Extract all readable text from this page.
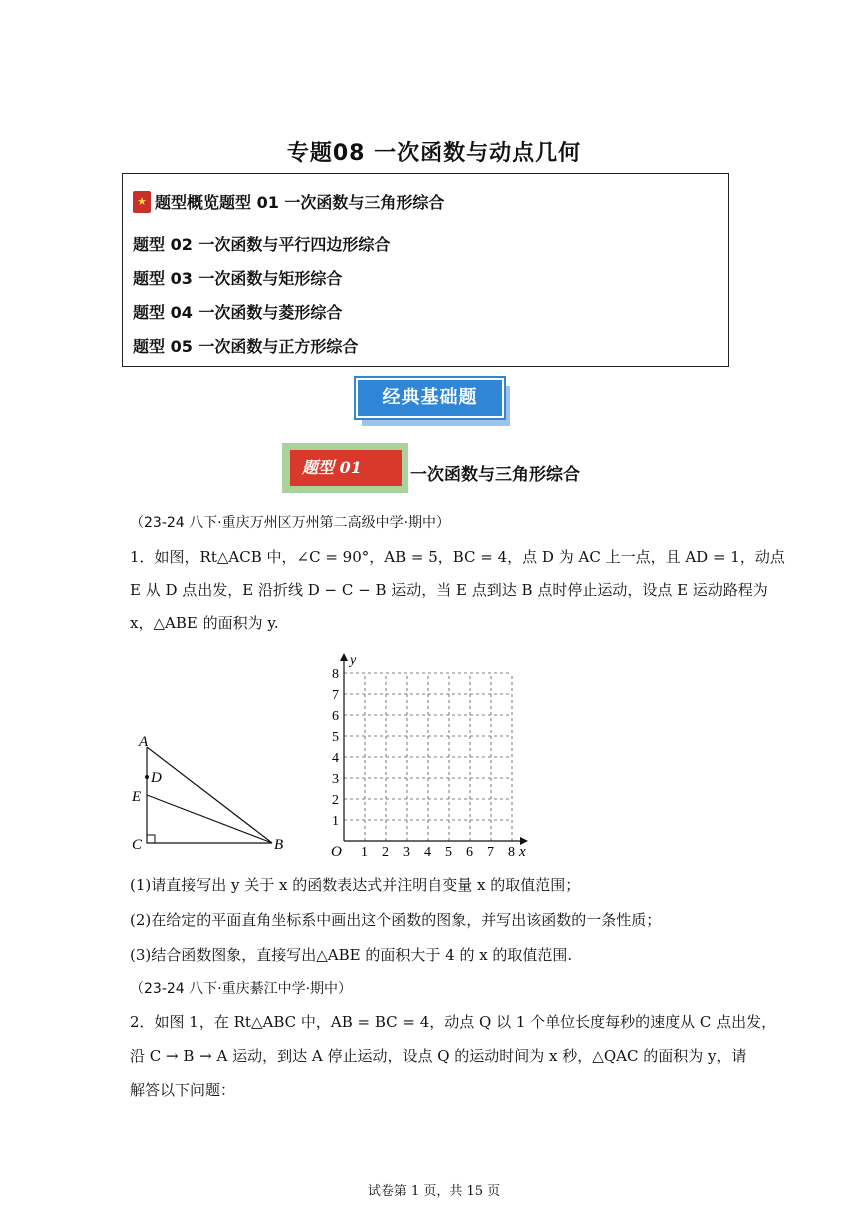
专题08 一次函数与动点几何
★ 题型概览题型 01 一次函数与三角形综合
题型 02 一次函数与平行四边形综合
题型 03 一次函数与矩形综合
题型 04 一次函数与菱形综合
题型 05 一次函数与正方形综合
经典基础题
题型 01	一次函数与三角形综合
（23-24 八下·重庆万州区万州第二高级中学·期中）
1．如图，Rt△ACB 中，∠C = 90°，AB = 5，BC = 4，点 D 为 AC 上一点，且 AD = 1，动点
E 从 D 点出发，E 沿折线 D − C − B 运动，当 E 点到达 B 点时停止运动，设点 E 运动路程为
x，△ABE 的面积为 y.
A
D
E
C	B	1 2 3 4 5 6 7 8
1
2
3
4
5
6
7
8
y
x
O
(1)请直接写出 y 关于 x 的函数表达式并注明自变量 x 的取值范围；
(2)在给定的平面直角坐标系中画出这个函数的图象，并写出该函数的一条性质；
(3)结合函数图象，直接写出△ABE 的面积大于 4 的 x 的取值范围.
（23-24 八下·重庆綦江中学·期中）
2．如图 1，在 Rt△ABC 中，AB = BC = 4，动点 Q 以 1 个单位长度每秒的速度从 C 点出发，
沿 C → B → A 运动，到达 A 停止运动，设点 Q 的运动时间为 x 秒，△QAC 的面积为 y，请
解答以下问题：
试卷第 1 页，共 15 页
